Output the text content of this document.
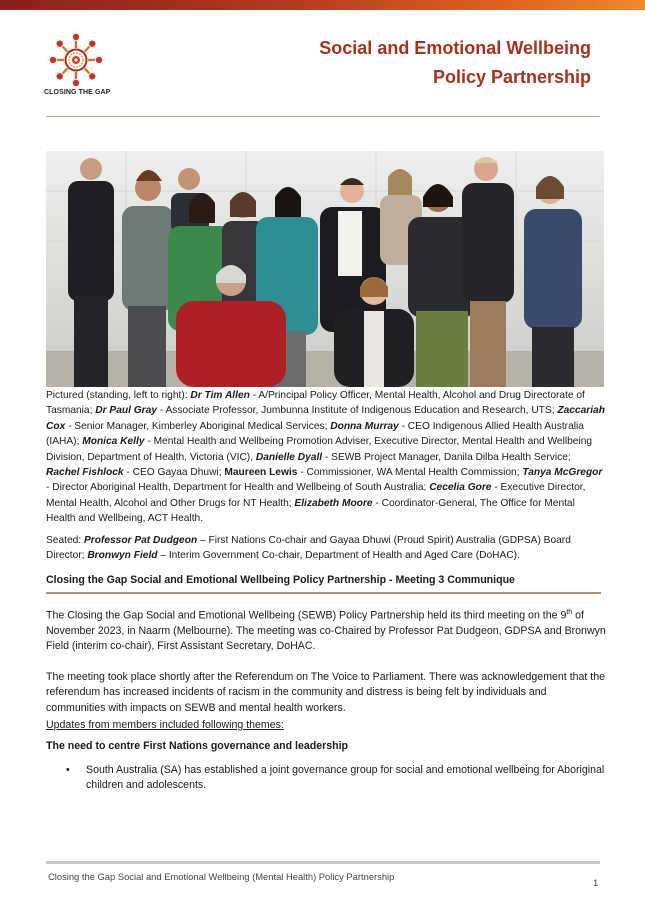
CLOSING THE GAP
Social and Emotional Wellbeing
Policy Partnership

Pictured (standing, left to right): Dr Tim Allen - A/Principal Policy Officer, Mental Health, Alcohol and Drug Directorate of Tasmania; Dr Paul Gray - Associate Professor, Jumbunna Institute of Indigenous Education and Research, UTS; Zaccariah Cox - Senior Manager, Kimberley Aboriginal Medical Services; Donna Murray - CEO Indigenous Allied Health Australia (IAHA); Monica Kelly - Mental Health and Wellbeing Promotion Adviser, Executive Director, Mental Health and Wellbeing Division, Department of Health, Victoria (VIC), Danielle Dyall - SEWB Project Manager, Danila Dilba Health Service; Rachel Fishlock - CEO Gayaa Dhuwi; Maureen Lewis - Commissioner, WA Mental Health Commission; Tanya McGregor - Director Aboriginal Health, Department for Health and Wellbeing of South Australia; Cecelia Gore - Executive Director, Mental Health, Alcohol and Other Drugs for NT Health; Elizabeth Moore - Coordinator-General, The Office for Mental Health and Wellbeing, ACT Health.

Seated: Professor Pat Dudgeon – First Nations Co-chair and Gayaa Dhuwi (Proud Spirit) Australia (GDPSA) Board Director; Bronwyn Field – Interim Government Co-chair, Department of Health and Aged Care (DoHAC).

Closing the Gap Social and Emotional Wellbeing Policy Partnership - Meeting 3 Communique

The Closing the Gap Social and Emotional Wellbeing (SEWB) Policy Partnership held its third meeting on the 9th of November 2023, in Naarm (Melbourne). The meeting was co-Chaired by Professor Pat Dudgeon, GDPSA and Bronwyn Field (interim co-chair), First Assistant Secretary, DoHAC.

The meeting took place shortly after the Referendum on The Voice to Parliament. There was acknowledgement that the referendum has increased incidents of racism in the community and distress is being felt by individuals and communities with impacts on SEWB and mental health workers.

Updates from members included following themes:

The need to centre First Nations governance and leadership

• South Australia (SA) has established a joint governance group for social and emotional wellbeing for Aboriginal children and adolescents.
Closing the Gap Social and Emotional Wellbeing (Mental Health) Policy Partnership
1
